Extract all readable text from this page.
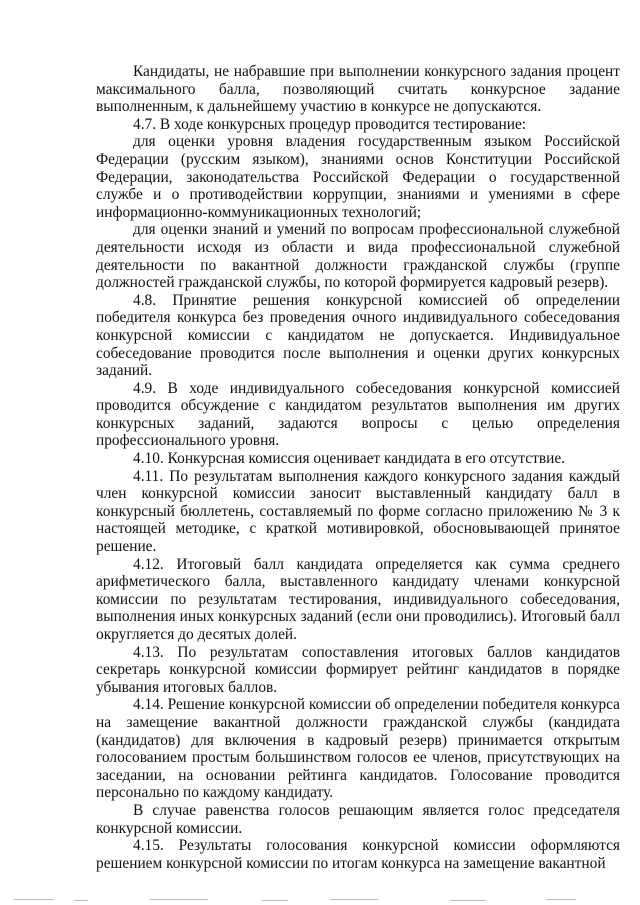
Кандидаты, не набравшие при выполнении конкурсного задания процент максимального балла, позволяющий считать конкурсное задание выполненным, к дальнейшему участию в конкурсе не допускаются.

4.7. В ходе конкурсных процедур проводится тестирование:

для оценки уровня владения государственным языком Российской Федерации (русским языком), знаниями основ Конституции Российской Федерации, законодательства Российской Федерации о государственной службе и о противодействии коррупции, знаниями и умениями в сфере информационно-коммуникационных технологий;

для оценки знаний и умений по вопросам профессиональной служебной деятельности исходя из области и вида профессиональной служебной деятельности по вакантной должности гражданской службы (группе должностей гражданской службы, по которой формируется кадровый резерв).

4.8. Принятие решения конкурсной комиссией об определении победителя конкурса без проведения очного индивидуального собеседования конкурсной комиссии с кандидатом не допускается. Индивидуальное собеседование проводится после выполнения и оценки других конкурсных заданий.

4.9. В ходе индивидуального собеседования конкурсной комиссией проводится обсуждение с кандидатом результатов выполнения им других конкурсных заданий, задаются вопросы с целью определения профессионального уровня.

4.10. Конкурсная комиссия оценивает кандидата в его отсутствие.

4.11. По результатам выполнения каждого конкурсного задания каждый член конкурсной комиссии заносит выставленный кандидату балл в конкурсный бюллетень, составляемый по форме согласно приложению № 3 к настоящей методике, с краткой мотивировкой, обосновывающей принятое решение.

4.12. Итоговый балл кандидата определяется как сумма среднего арифметического балла, выставленного кандидату членами конкурсной комиссии по результатам тестирования, индивидуального собеседования, выполнения иных конкурсных заданий (если они проводились). Итоговый балл округляется до десятых долей.

4.13. По результатам сопоставления итоговых баллов кандидатов секретарь конкурсной комиссии формирует рейтинг кандидатов в порядке убывания итоговых баллов.

4.14. Решение конкурсной комиссии об определении победителя конкурса на замещение вакантной должности гражданской службы (кандидата (кандидатов) для включения в кадровый резерв) принимается открытым голосованием простым большинством голосов ее членов, присутствующих на заседании, на основании рейтинга кандидатов. Голосование проводится персонально по каждому кандидату.

В случае равенства голосов решающим является голос председателя конкурсной комиссии.

4.15. Результаты голосования конкурсной комиссии оформляются решением конкурсной комиссии по итогам конкурса на замещение вакантной
